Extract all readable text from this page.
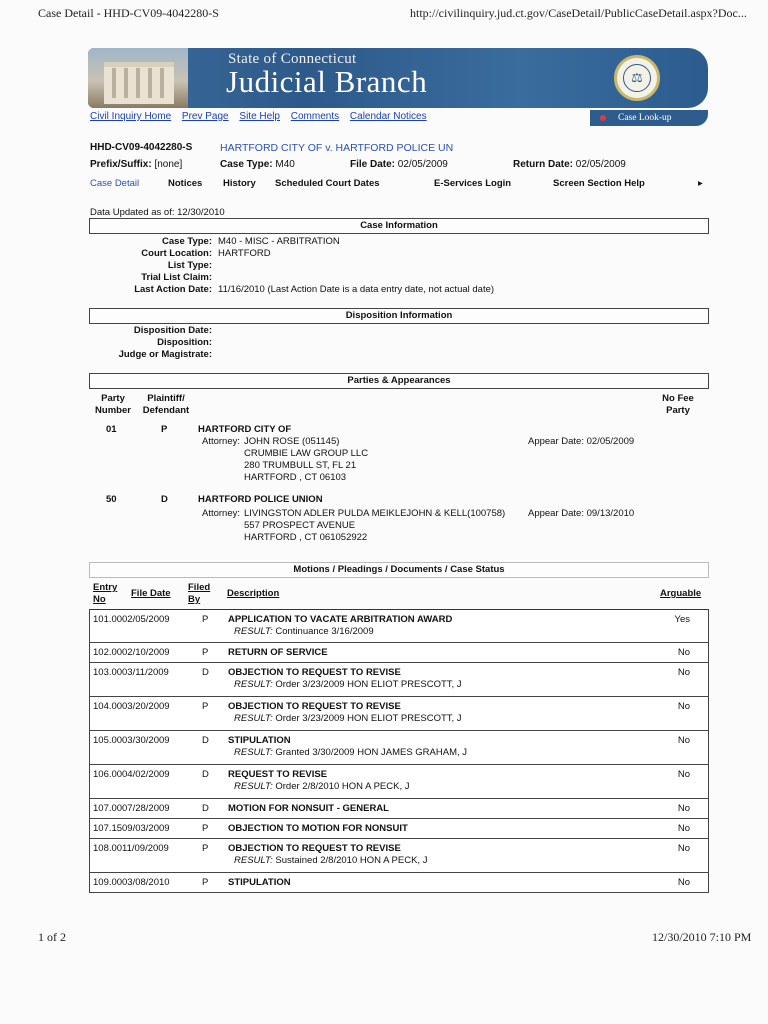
Case Detail - HHD-CV09-4042280-S	http://civilinquiry.jud.ct.gov/CaseDetail/PublicCaseDetail.aspx?Doc...
State of Connecticut
Judicial Branch	⚖
Civil Inquiry Home Prev Page Site Help Comments Calendar Notices	Case Look-up
HHD-CV09-4042280-S	HARTFORD CITY OF v. HARTFORD POLICE UN
Prefix/Suffix: [none]	Case Type: M40	File Date: 02/05/2009	Return Date: 02/05/2009
Case Detail	Notices History Scheduled Court Dates	E-Services Login	Screen Section Help	▸
Data Updated as of: 12/30/2010
Case Information
Case Type: M40 - MISC - ARBITRATION
Court Location: HARTFORD
List Type:
Trial List Claim:
Last Action Date: 11/16/2010 (Last Action Date is a data entry date, not actual date)
Disposition Information
Disposition Date:
Disposition:
Judge or Magistrate:
Parties & Appearances
Party
Number
Plaintiff/
Defendant
No Fee
Party
01	P	HARTFORD CITY OF
Attorney: JOHN ROSE (051145)	Appear Date: 02/05/2009
CRUMBIE LAW GROUP LLC
280 TRUMBULL ST, FL 21
HARTFORD , CT 06103
50	D	HARTFORD POLICE UNION
Attorney: LIVINGSTON ADLER PULDA MEIKLEJOHN & KELL(100758) Appear Date: 09/13/2010
557 PROSPECT AVENUE
HARTFORD , CT 061052922
Motions / Pleadings / Documents / Case Status
Entry
No
File Date
Filed
By
Description	Arguable
101.00 02/05/2009	P APPLICATION TO VACATE ARBITRATION AWARD	Yes
RESULT: Continuance 3/16/2009
102.00 02/10/2009	P RETURN OF SERVICE	No
103.00 03/11/2009	D OBJECTION TO REQUEST TO REVISE	No
RESULT: Order 3/23/2009 HON ELIOT PRESCOTT, J
104.00 03/20/2009	P OBJECTION TO REQUEST TO REVISE	No
RESULT: Order 3/23/2009 HON ELIOT PRESCOTT, J
105.00 03/30/2009	D STIPULATION	No
RESULT: Granted 3/30/2009 HON JAMES GRAHAM, J
106.00 04/02/2009	D REQUEST TO REVISE	No
RESULT: Order 2/8/2010 HON A PECK, J
107.00 07/28/2009	D MOTION FOR NONSUIT - GENERAL	No
107.15 09/03/2009	P OBJECTION TO MOTION FOR NONSUIT	No
108.00 11/09/2009	P OBJECTION TO REQUEST TO REVISE	No
RESULT: Sustained 2/8/2010 HON A PECK, J
109.00 03/08/2010	P STIPULATION	No
1 of 2	12/30/2010 7:10 PM
